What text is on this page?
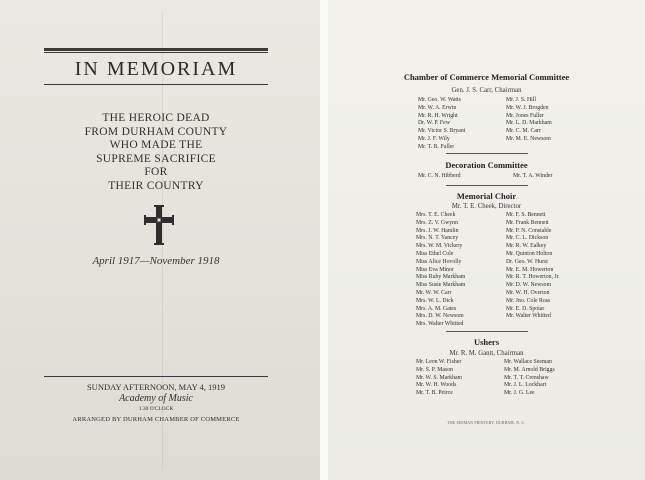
IN MEMORIAM
THE HEROIC DEAD
FROM DURHAM COUNTY
WHO MADE THE
SUPREME SACRIFICE
FOR
THEIR COUNTRY
April 1917—November 1918
SUNDAY AFTERNOON, MAY 4, 1919
Academy of Music
1.30 O'CLOCK
ARRANGED BY DURHAM CHAMBER OF COMMERCE
Chamber of Commerce Memorial Committee
Gen. J. S. Carr, Chairman
Mr. Geo. W. Watts
Mr. W. A. Erwin
Mr. R. H. Wright
Dr. W. P. Few
Mr. Victor S. Bryant
Mr. J. F. Wily
Mr. T. B. Fuller
Mr. J. S. Hill
Mr. W. J. Brogden
Mr. Jones Fuller
Mr. L. D. Markham
Mr. C. M. Carr
Mr. M. E. Newsom
Decoration Committee
Mr. C. N. Hibberd	Mr. T. A. Winder
Memorial Choir
Mr. T. E. Cheek, Director
Mrs. T. E. Cheek
Mrs. Z. V. Gwynn
Mrs. J. W. Hamlin
Mrs. N. T. Yancey
Mrs. W. M. Vickery
Miss Ethel Cole
Miss Alice Hovolly
Miss Eva Minor
Miss Ruby Markham
Miss Susie Markham
Mr. W. W. Carr
Mrs. W. L. Dick
Mrs. A. M. Gates
Mrs. D. W. Newsom
Mrs. Walter Whitted
Mr. F. S. Bennett
Mr. Frank Bennett
Mr. P. N. Constable
Mr. C. L. Dickson
Mr. R. W. Ealkey
Mr. Quinton Holton
Dr. Geo. W. Hurst
Mr. E. M. Howerton
Mr. R. T. Howerton, Jr.
Mr. D. W. Newsom
Mr. W. H. Overton
Mr. Jno. Cole Ross
Mr. E. D. Spotar
Mr. Walter Whitted
Ushers
Mr. R. M. Gantt, Chairman
Mr. Leon W. Fisher
Mr. S. P. Mason
Mr. W. S. Markham
Mr. W. H. Woods
Mr. T. B. Peirce
Mr. Wallace Seeman
Mr. M. Arnold Briggs
Mr. T. T. Crenshaw
Mr. J. L. Lockhart
Mr. J. G. Lee
THE SEEMAN PRINTERY, DURHAM, N. C.
